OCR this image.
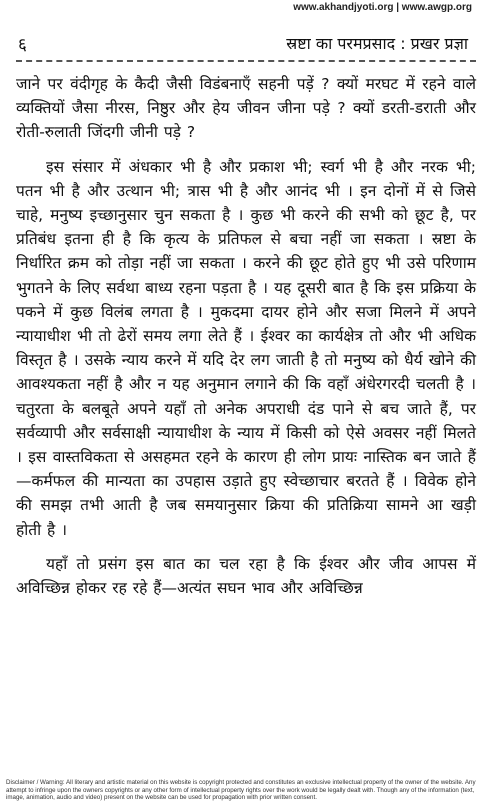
www.akhandjyoti.org | www.awgp.org
६	स्रष्टा का परमप्रसाद : प्रखर प्रज्ञा

जाने पर वंदीगृह के कैदी जैसी विडंबनाएँ सहनी पड़ें ? क्यों मरघट में रहने वाले व्यक्तियों जैसा नीरस, निष्ठुर और हेय जीवन जीना पड़े ? क्यों डरती-डराती और रोती-रुलाती जिंदगी जीनी पड़े ?

इस संसार में अंधकार भी है और प्रकाश भी; स्वर्ग भी है और नरक भी; पतन भी है और उत्थान भी; त्रास भी है और आनंद भी । इन दोनों में से जिसे चाहे, मनुष्य इच्छानुसार चुन सकता है । कुछ भी करने की सभी को छूट है, पर प्रतिबंध इतना ही है कि कृत्य के प्रतिफल से बचा नहीं जा सकता । स्रष्टा के निर्धारित क्रम को तोड़ा नहीं जा सकता । करने की छूट होते हुए भी उसे परिणाम भुगतने के लिए सर्वथा बाध्य रहना पड़ता है । यह दूसरी बात है कि इस प्रक्रिया के पकने में कुछ विलंब लगता है । मुकदमा दायर होने और सजा मिलने में अपने न्यायाधीश भी तो ढेरों समय लगा लेते हैं । ईश्वर का कार्यक्षेत्र तो और भी अधिक विस्तृत है । उसके न्याय करने में यदि देर लग जाती है तो मनुष्य को धैर्य खोने की आवश्यकता नहीं है और न यह अनुमान लगाने की कि वहाँ अंधेरगरदी चलती है । चतुरता के बलबूते अपने यहाँ तो अनेक अपराधी दंड पाने से बच जाते हैं, पर सर्वव्यापी और सर्वसाक्षी न्यायाधीश के न्याय में किसी को ऐसे अवसर नहीं मिलते । इस वास्तविकता से असहमत रहने के कारण ही लोग प्रायः नास्तिक बन जाते हैं—कर्मफल की मान्यता का उपहास उड़ाते हुए स्वेच्छाचार बरतते हैं । विवेक होने की समझ तभी आती है जब समयानुसार क्रिया की प्रतिक्रिया सामने आ खड़ी होती है ।

यहाँ तो प्रसंग इस बात का चल रहा है कि ईश्वर और जीव आपस में अविच्छिन्न होकर रह रहे हैं—अत्यंत सघन भाव और अविच्छिन्न

Disclaimer / Warning: All literary and artistic material on this website is copyright protected and constitutes an exclusive intellectual property of the owner of the website. Any attempt to infringe upon the owners copyrights or any other form of intellectual property rights over the work would be legally dealt with. Though any of the information (text, image, animation, audio and video) present on the website can be used for propagation with prior written consent.
